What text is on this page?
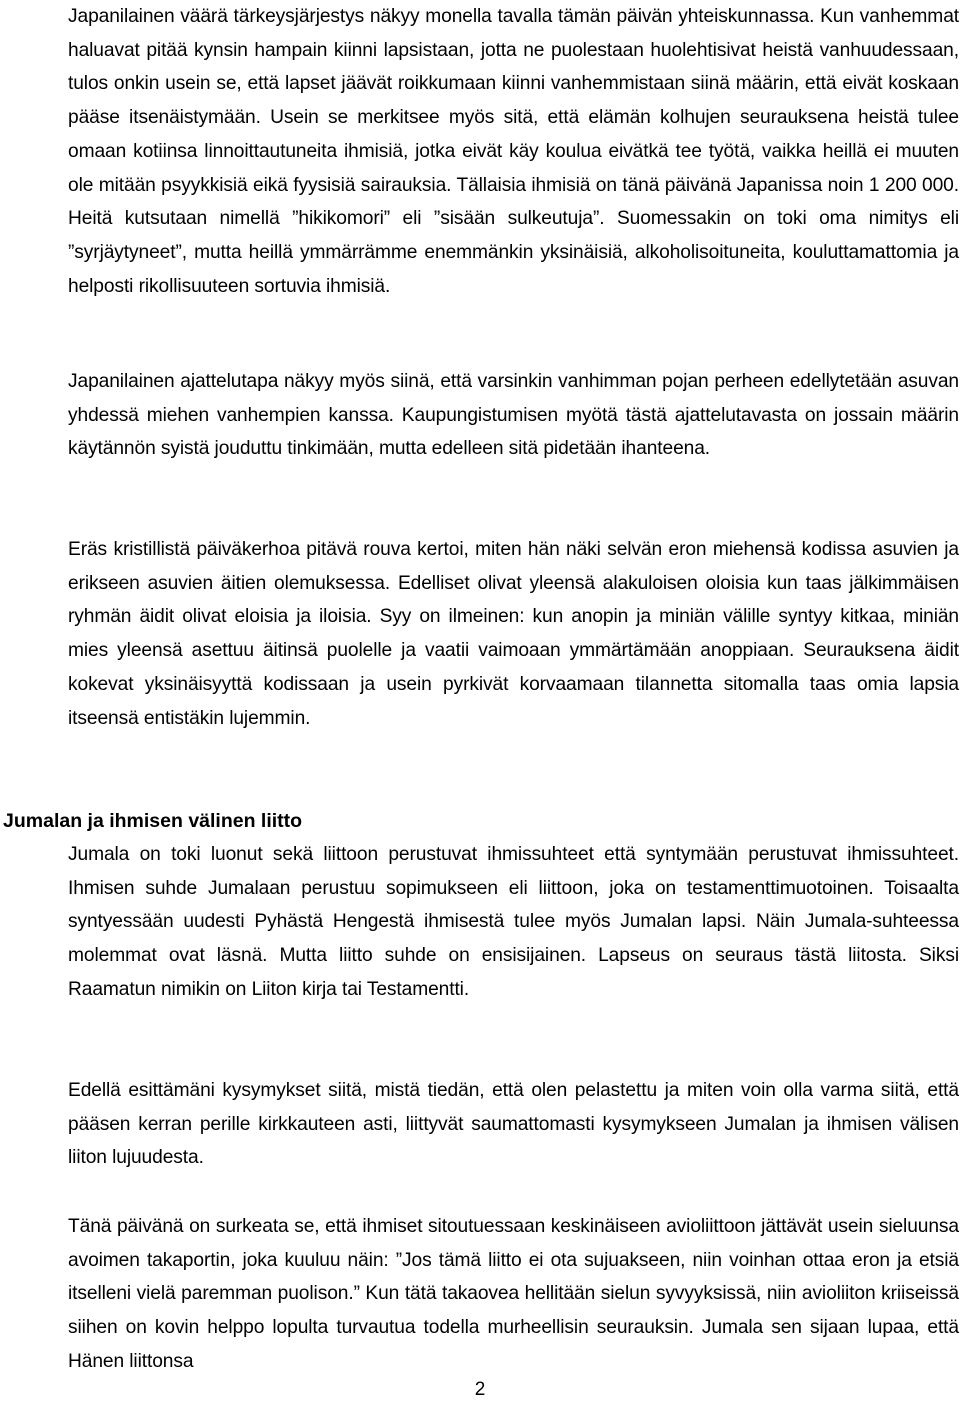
Japanilainen väärä tärkeysjärjestys näkyy monella tavalla tämän päivän yhteiskunnassa. Kun vanhemmat haluavat pitää kynsin hampain kiinni lapsistaan, jotta ne puolestaan huolehtisivat heistä vanhuudessaan, tulos onkin usein se, että lapset jäävät roikkumaan kiinni vanhemmistaan siinä määrin, että eivät koskaan pääse itsenäistymään. Usein se merkitsee myös sitä, että elämän kolhujen seurauksena heistä tulee omaan kotiinsa linnoittautuneita ihmisiä, jotka eivät käy koulua eivätkä tee työtä, vaikka heillä ei muuten ole mitään psyykkisiä eikä fyysisiä sairauksia. Tällaisia ihmisiä on tänä päivänä Japanissa noin 1 200 000. Heitä kutsutaan nimellä ”hikikomori” eli ”sisään sulkeutuja”. Suomessakin on toki oma nimitys eli ”syrjäytyneet”, mutta heillä ymmärrämme enemmänkin yksinäisiä, alkoholisoituneita, kouluttamattomia ja helposti rikollisuuteen sortuvia ihmisiä.

Japanilainen ajattelutapa näkyy myös siinä, että varsinkin vanhimman pojan perheen edellytetään asuvan yhdessä miehen vanhempien kanssa. Kaupungistumisen myötä tästä ajattelutavasta on jossain määrin käytännön syistä jouduttu tinkimään, mutta edelleen sitä pidetään ihanteena.

Eräs kristillistä päiväkerhoa pitävä rouva kertoi, miten hän näki selvän eron miehensä kodissa asuvien ja erikseen asuvien äitien olemuksessa. Edelliset olivat yleensä alakuloisen oloisia kun taas jälkimmäisen ryhmän äidit olivat eloisia ja iloisia. Syy on ilmeinen: kun anopin ja miniän välille syntyy kitkaa, miniän mies yleensä asettuu äitinsä puolelle ja vaatii vaimoaan ymmärtämään anoppiaan. Seurauksena äidit kokevat yksinäisyyttä kodissaan ja usein pyrkivät korvaamaan tilannetta sitomalla taas omia lapsia itseensä entistäkin lujemmin.

Jumalan ja ihmisen välinen liitto

Jumala on toki luonut sekä liittoon perustuvat ihmissuhteet että syntymään perustuvat ihmissuhteet. Ihmisen suhde Jumalaan perustuu sopimukseen eli liittoon, joka on testamenttimuotoinen. Toisaalta syntyessään uudesti Pyhästä Hengestä ihmisestä tulee myös Jumalan lapsi. Näin Jumala-suhteessa molemmat ovat läsnä. Mutta liitto suhde on ensisijainen. Lapseus on seuraus tästä liitosta. Siksi Raamatun nimikin on Liiton kirja tai Testamentti.

Edellä esittämäni kysymykset siitä, mistä tiedän, että olen pelastettu ja miten voin olla varma siitä, että pääsen kerran perille kirkkauteen asti, liittyvät saumattomasti kysymykseen Jumalan ja ihmisen välisen liiton lujuudesta.

Tänä päivänä on surkeata se, että ihmiset sitoutuessaan keskinäiseen avioliittoon jättävät usein sieluunsa avoimen takaportin, joka kuuluu näin: ”Jos tämä liitto ei ota sujuakseen, niin voinhan ottaa eron ja etsiä itselleni vielä paremman puolison.” Kun tätä takaovea hellitään sielun syvyyksissä, niin avioliiton kriiseissä siihen on kovin helppo lopulta turvautua todella murheellisin seurauksin. Jumala sen sijaan lupaa, että Hänen liittonsa

2
